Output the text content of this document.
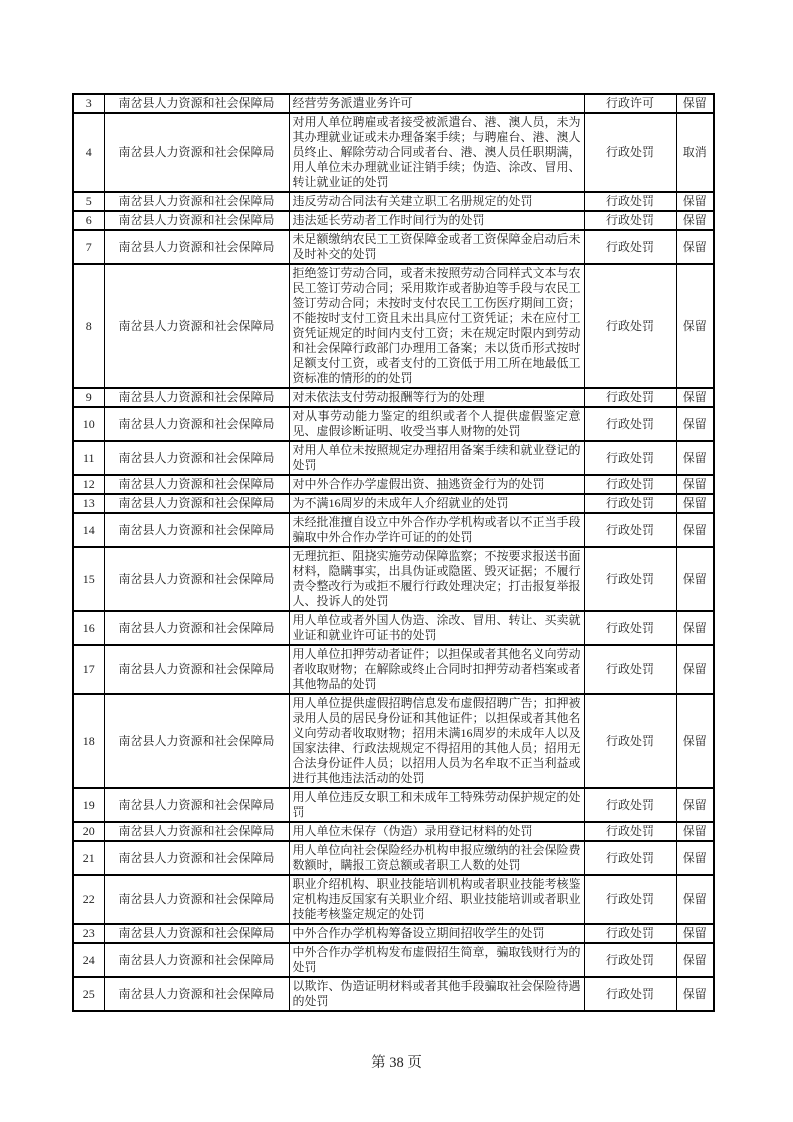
3	南岔县人力资源和社会保障局	经营劳务派遣业务许可	行政许可	保留
4	南岔县人力资源和社会保障局	对用人单位聘雇或者接受被派遣台、港、澳人员，未为其办理就业证或未办理备案手续；与聘雇台、港、澳人员终止、解除劳动合同或者台、港、澳人员任职期满，用人单位未办理就业证注销手续；伪造、涂改、冒用、转让就业证的处罚	行政处罚	取消
5	南岔县人力资源和社会保障局	违反劳动合同法有关建立职工名册规定的处罚	行政处罚	保留
6	南岔县人力资源和社会保障局	违法延长劳动者工作时间行为的处罚	行政处罚	保留
7	南岔县人力资源和社会保障局	未足额缴纳农民工工资保障金或者工资保障金启动后未及时补交的处罚	行政处罚	保留
8	南岔县人力资源和社会保障局	拒绝签订劳动合同，或者未按照劳动合同样式文本与农民工签订劳动合同；采用欺诈或者胁迫等手段与农民工签订劳动合同；未按时支付农民工工伤医疗期间工资；不能按时支付工资且未出具应付工资凭证；未在应付工资凭证规定的时间内支付工资；未在规定时限内到劳动和社会保障行政部门办理用工备案；未以货币形式按时足额支付工资，或者支付的工资低于用工所在地最低工资标准的情形的的处罚	行政处罚	保留
9	南岔县人力资源和社会保障局	对未依法支付劳动报酬等行为的处理	行政处罚	保留
10	南岔县人力资源和社会保障局	对从事劳动能力鉴定的组织或者个人提供虚假鉴定意见、虚假诊断证明、收受当事人财物的处罚	行政处罚	保留
11	南岔县人力资源和社会保障局	对用人单位未按照规定办理招用备案手续和就业登记的处罚	行政处罚	保留
12	南岔县人力资源和社会保障局	对中外合作办学虚假出资、抽逃资金行为的处罚	行政处罚	保留
13	南岔县人力资源和社会保障局	为不满16周岁的未成年人介绍就业的处罚	行政处罚	保留
14	南岔县人力资源和社会保障局	未经批准擅自设立中外合作办学机构或者以不正当手段骗取中外合作办学许可证的的处罚	行政处罚	保留
15	南岔县人力资源和社会保障局	无理抗拒、阻挠实施劳动保障监察；不按要求报送书面材料，隐瞒事实，出具伪证或隐匿、毁灭证据；不履行责令整改行为或拒不履行行政处理决定；打击报复举报人、投诉人的处罚	行政处罚	保留
16	南岔县人力资源和社会保障局	用人单位或者外国人伪造、涂改、冒用、转让、买卖就业证和就业许可证书的处罚	行政处罚	保留
17	南岔县人力资源和社会保障局	用人单位扣押劳动者证件；以担保或者其他名义向劳动者收取财物；在解除或终止合同时扣押劳动者档案或者其他物品的处罚	行政处罚	保留
18	南岔县人力资源和社会保障局	用人单位提供虚假招聘信息发布虚假招聘广告；扣押被录用人员的居民身份证和其他证件；以担保或者其他名义向劳动者收取财物；招用未满16周岁的未成年人以及国家法律、行政法规规定不得招用的其他人员；招用无合法身份证件人员；以招用人员为名牟取不正当利益或进行其他违法活动的处罚	行政处罚	保留
19	南岔县人力资源和社会保障局	用人单位违反女职工和未成年工特殊劳动保护规定的处罚	行政处罚	保留
20	南岔县人力资源和社会保障局	用人单位未保存（伪造）录用登记材料的处罚	行政处罚	保留
21	南岔县人力资源和社会保障局	用人单位向社会保险经办机构申报应缴纳的社会保险费数额时，瞒报工资总额或者职工人数的处罚	行政处罚	保留
22	南岔县人力资源和社会保障局	职业介绍机构、职业技能培训机构或者职业技能考核鉴定机构违反国家有关职业介绍、职业技能培训或者职业技能考核鉴定规定的处罚	行政处罚	保留
23	南岔县人力资源和社会保障局	中外合作办学机构筹备设立期间招收学生的处罚	行政处罚	保留
24	南岔县人力资源和社会保障局	中外合作办学机构发布虚假招生简章，骗取钱财行为的处罚	行政处罚	保留
25	南岔县人力资源和社会保障局	以欺诈、伪造证明材料或者其他手段骗取社会保险待遇的处罚	行政处罚	保留
第 38 页
